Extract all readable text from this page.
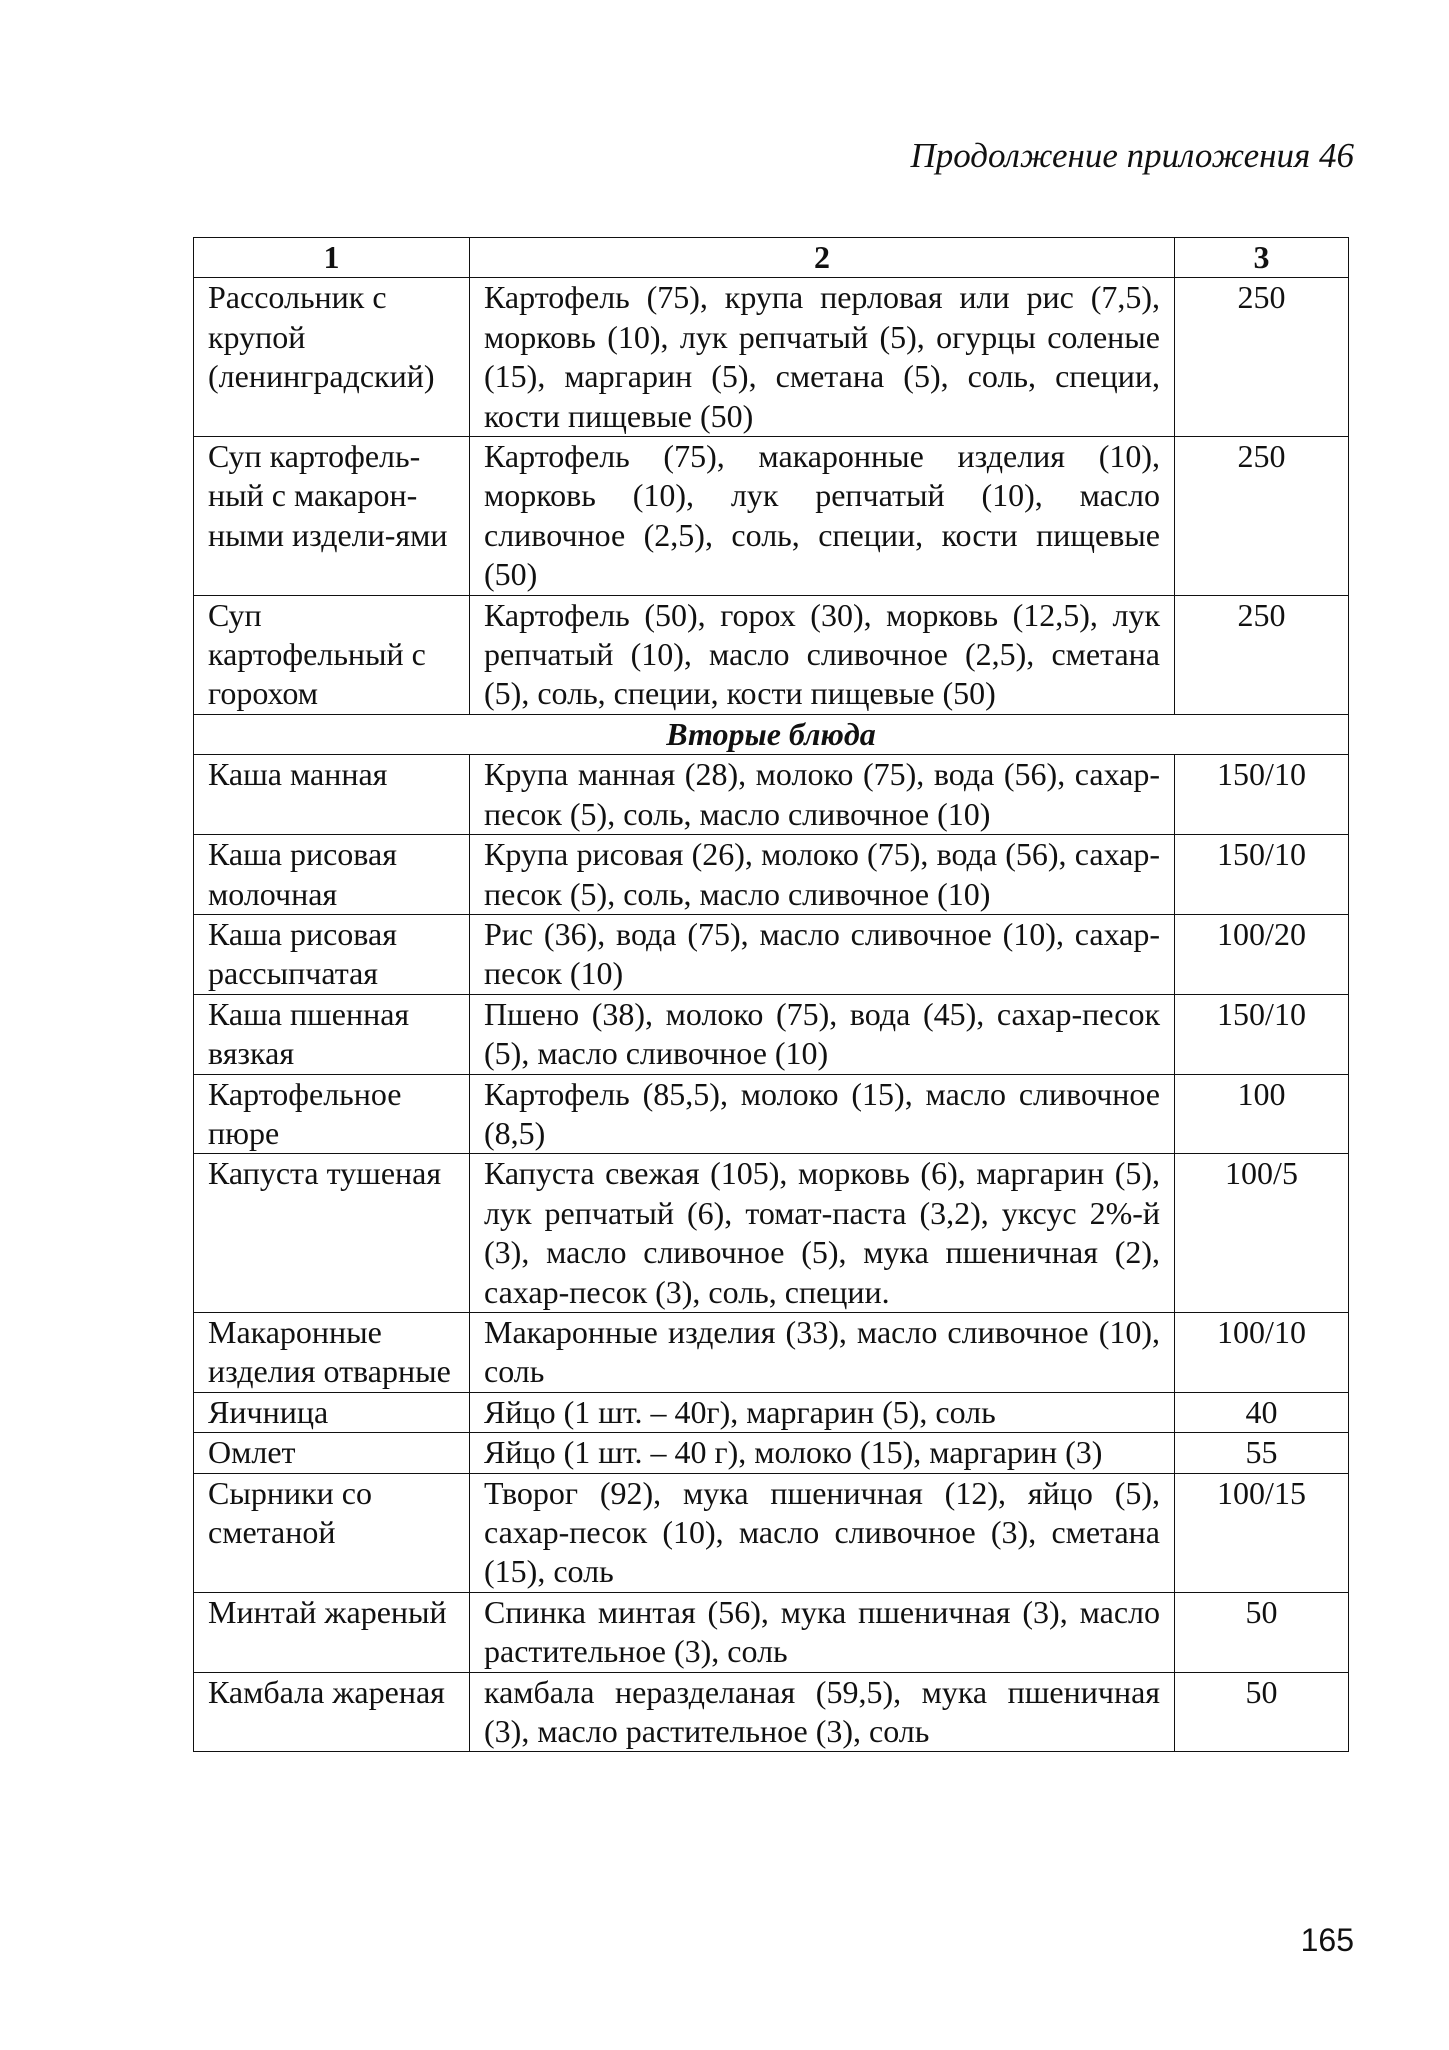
Продолжение приложения 46
1	2	3
Рассольник с крупой (ленинградский)	Картофель (75), крупа перловая или рис (7,5), морковь (10), лук репчатый (5), огурцы соленые (15), маргарин (5), сметана (5), соль, специи, кости пищевые (50)	250
Суп картофель-ный с макарон-ными издели-ями	Картофель (75), макаронные изделия (10), морковь (10), лук репчатый (10), масло сливочное (2,5), соль, специи, кости пищевые (50)	250
Суп картофельный с горохом	Картофель (50), горох (30), морковь (12,5), лук репчатый (10), масло сливочное (2,5), сметана (5), соль, специи, кости пищевые (50)	250
Вторые блюда		
Каша манная	Крупа манная (28), молоко (75), вода (56), сахар-песок (5), соль, масло сливочное (10)	150/10
Каша рисовая молочная	Крупа рисовая (26), молоко (75), вода (56), сахар-песок (5), соль, масло сливочное (10)	150/10
Каша рисовая рассыпчатая	Рис (36), вода (75), масло сливочное (10), сахар-песок (10)	100/20
Каша пшенная вязкая	Пшено (38), молоко (75), вода (45), сахар-песок (5), масло сливочное (10)	150/10
Картофельное пюре	Картофель (85,5), молоко (15), масло сливочное (8,5)	100
Капуста тушеная	Капуста свежая (105), морковь (6), маргарин (5), лук репчатый (6), томат-паста (3,2), уксус 2%-й (3), масло сливочное (5), мука пшеничная (2), сахар-песок (3), соль, специи.	100/5
Макаронные изделия отварные	Макаронные изделия (33), масло сливочное (10), соль	100/10
Яичница	Яйцо (1 шт. – 40г), маргарин (5), соль	40
Омлет	Яйцо (1 шт. – 40 г), молоко (15), маргарин (3)	55
Сырники со сметаной	Творог (92), мука пшеничная (12), яйцо (5), сахар-песок (10), масло сливочное (3), сметана (15), соль	100/15
Минтай жареный	Спинка минтая (56), мука пшеничная (3), масло растительное (3), соль	50
Камбала жареная	камбала неразделаная (59,5), мука пшеничная (3), масло растительное (3), соль	50
165
